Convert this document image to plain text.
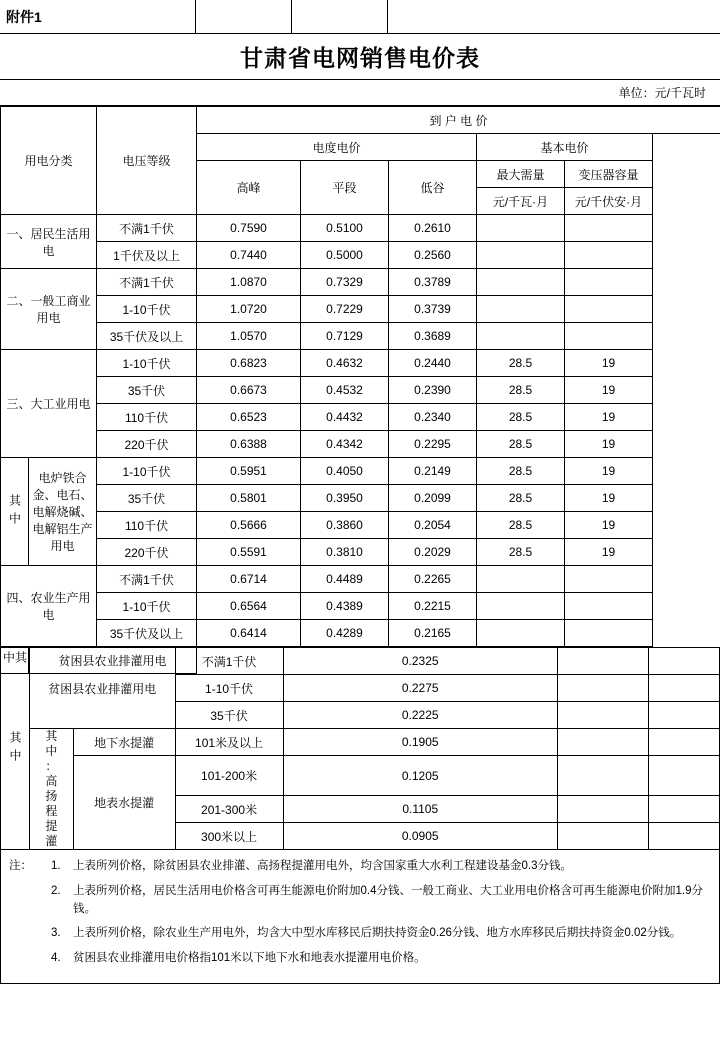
附件1
甘肃省电网销售电价表
单位：元/千瓦时
用电分类		电压等级	到 户 电 价				
			电度电价			基本电价	
			高峰	平段	低谷	最大需量	变压器容量
						元/千瓦·月	元/千伏安·月
一、居民生活用电		不满1千伏	0.7590	0.5100	0.2610		
		1千伏及以上	0.7440	0.5000	0.2560		
二、一般工商业用电		不满1千伏	1.0870	0.7329	0.3789		
		1-10千伏	1.0720	0.7229	0.3739		
		35千伏及以上	1.0570	0.7129	0.3689		
三、大工业用电		1-10千伏	0.6823	0.4632	0.2440	28.5	19
		35千伏	0.6673	0.4532	0.2390	28.5	19
		110千伏	0.6523	0.4432	0.2340	28.5	19
		220千伏	0.6388	0.4342	0.2295	28.5	19

其中	电炉铁合金、电石、电解烧碱、电解铝生产用电	1-10千伏	0.5951	0.4050	0.2149	28.5	19
		35千伏	0.5801	0.3950	0.2099	28.5	19
		110千伏	0.5666	0.3860	0.2054	28.5	19
		220千伏	0.5591	0.3810	0.2029	28.5	19
四、农业生产用电		不满1千伏	0.6714	0.4489	0.2265		
		1-10千伏	0.6564	0.4389	0.2215		
		35千伏及以上	0.6414	0.4289	0.2165		

其中	贫困县农业排灌用电					
其中	贫困县农业排灌用电		不满1千伏	0.2325		
			1-10千伏	0.2275		
			35千伏	0.2225		
其
中
：
高
扬
程
提
灌	地下水提灌	101米及以上	0.1905		
		地表水提灌	101-200米	0.1205		
			201-300米	0.1105		
			300米以上	0.0905		
注：	1.	上表所列价格，除贫困县农业排灌、高扬程提灌用电外，均含国家重大水利工程建设基金0.3分钱。
2.	上表所列价格，居民生活用电价格含可再生能源电价附加0.4分钱、一般工商业、大工业用电价格含可再生能源电价附加1.9分钱。
3.	上表所列价格，除农业生产用电外，均含大中型水库移民后期扶持资金0.26分钱、地方水库移民后期扶持资金0.02分钱。
4.	贫困县农业排灌用电价格指101米以下地下水和地表水提灌用电价格。
